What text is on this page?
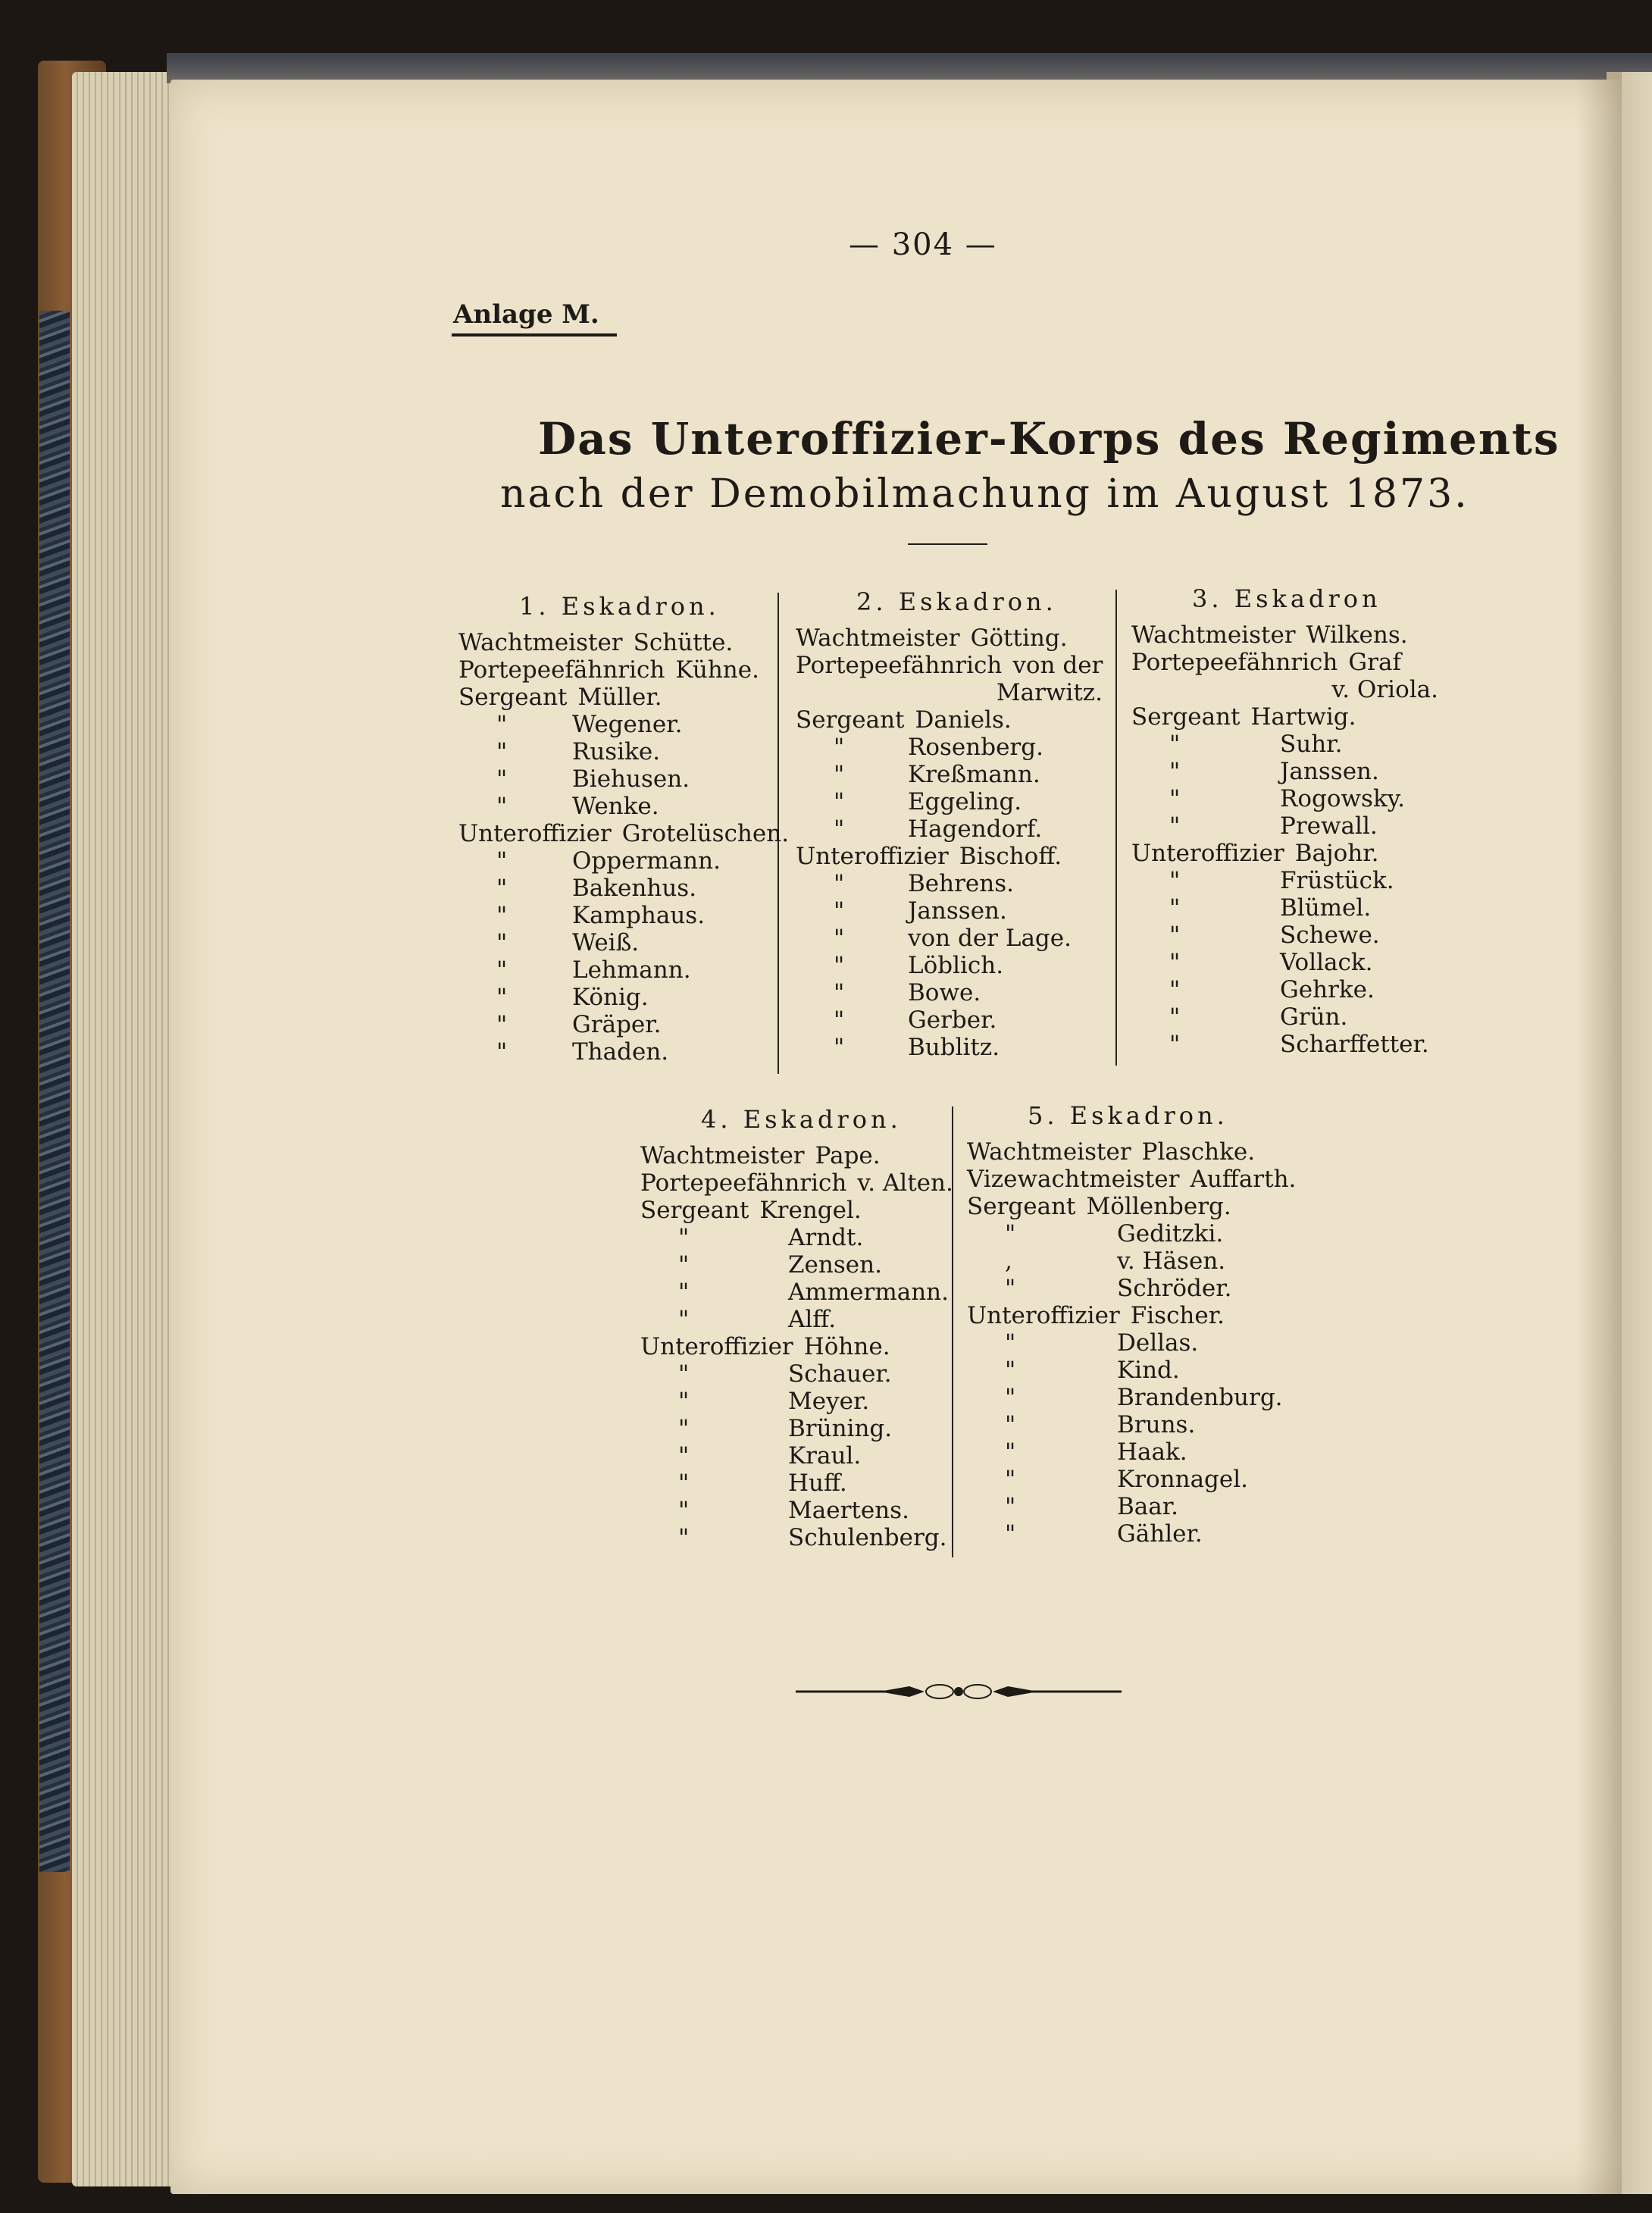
— 304 —
Anlage M.
Das Unteroffizier-Korps des Regiments
nach der Demobilmachung im August 1873.
1. Eskadron.
Wachtmeister Schütte.
Portepeefähnrich Kühne.
Sergeant Müller.
"	Wegener.
"	Rusike.
"	Biehusen.
"	Wenke.
Unteroffizier Grotelüschen.
"	Oppermann.
"	Bakenhus.
"	Kamphaus.
"	Weiß.
"	Lehmann.
"	König.
"	Gräper.
"	Thaden.
2. Eskadron.
Wachtmeister Götting.
Portepeefähnrich von der
Marwitz.
Sergeant Daniels.
"	Rosenberg.
"	Kreßmann.
"	Eggeling.
"	Hagendorf.
Unteroffizier Bischoff.
"	Behrens.
"	Janssen.
"	von der Lage.
"	Löblich.
"	Bowe.
"	Gerber.
"	Bublitz.
3. Eskadron
Wachtmeister Wilkens.
Portepeefähnrich Graf
v. Oriola.
Sergeant Hartwig.
"	Suhr.
"	Janssen.
"	Rogowsky.
"	Prewall.
Unteroffizier Bajohr.
"	Früstück.
"	Blümel.
"	Schewe.
"	Vollack.
"	Gehrke.
"	Grün.
"	Scharffetter.
4. Eskadron.
Wachtmeister Pape.
Portepeefähnrich v. Alten.
Sergeant Krengel.
"	Arndt.
"	Zensen.
"	Ammermann.
"	Alff.
Unteroffizier Höhne.
"	Schauer.
"	Meyer.
"	Brüning.
"	Kraul.
"	Huff.
"	Maertens.
"	Schulenberg.
5. Eskadron.
Wachtmeister Plaschke.
Vizewachtmeister Auffarth.
Sergeant Möllenberg.
"	Geditzki.
,	v. Häsen.
"	Schröder.
Unteroffizier Fischer.
"	Dellas.
"	Kind.
"	Brandenburg.
"	Bruns.
"	Haak.
"	Kronnagel.
"	Baar.
"	Gähler.
